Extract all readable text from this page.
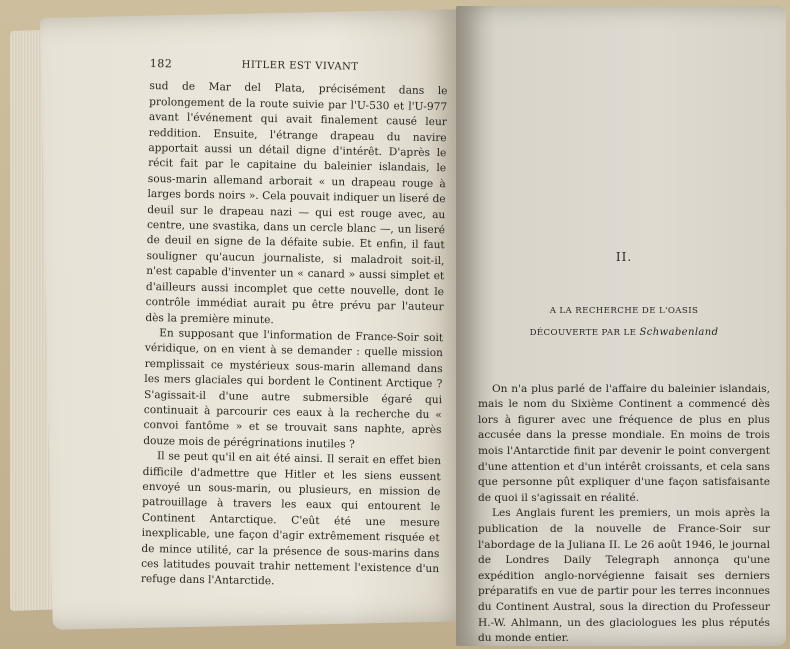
182	HITLER EST VIVANT

sud de Mar del Plata, précisément dans le prolongement de la route suivie par l'U-530 et l'U-977 avant l'événement qui avait finalement causé leur reddition. Ensuite, l'étrange drapeau du navire apportait aussi un détail digne d'intérêt. D'après le récit fait par le capitaine du baleinier islandais, le sous-marin allemand arborait « un drapeau rouge à larges bords noirs ». Cela pouvait indiquer un liseré de deuil sur le drapeau nazi — qui est rouge avec, au centre, une svastika, dans un cercle blanc —, un liseré de deuil en signe de la défaite subie. Et enfin, il faut souligner qu'aucun journaliste, si maladroit soit-il, n'est capable d'inventer un « canard » aussi simplet et d'ailleurs aussi incomplet que cette nouvelle, dont le contrôle immédiat aurait pu être prévu par l'auteur dès la première minute.

En supposant que l'information de France-Soir soit véridique, on en vient à se demander : quelle mission remplissait ce mystérieux sous-marin allemand dans les mers glaciales qui bordent le Continent Arctique ? S'agissait-il d'une autre submersible égaré qui continuait à parcourir ces eaux à la recherche du « convoi fantôme » et se trouvait sans naphte, après douze mois de pérégrinations inutiles ?

Il se peut qu'il en ait été ainsi. Il serait en effet bien difficile d'admettre que Hitler et les siens eussent envoyé un sous-marin, ou plusieurs, en mission de patrouillage à travers les eaux qui entourent le Continent Antarctique. C'eût été une mesure inexplicable, une façon d'agir extrêmement risquée et de mince utilité, car la présence de sous-marins dans ces latitudes pouvait trahir nettement l'existence d'un refuge dans l'Antarctide.

II.
A LA RECHERCHE DE L'OASIS
DÉCOUVERTE PAR LE Schwabenland

On n'a plus parlé de l'affaire du baleinier islandais, mais le nom du Sixième Continent a commencé dès lors à figurer avec une fréquence de plus en plus accusée dans la presse mondiale. En moins de trois mois l'Antarctide finit par devenir le point convergent d'une attention et d'un intérêt croissants, et cela sans que personne pût expliquer d'une façon satisfaisante de quoi il s'agissait en réalité.

Les Anglais furent les premiers, un mois après la publication de la nouvelle de France-Soir sur l'abordage de la Juliana II. Le 26 août 1946, le journal de Londres Daily Telegraph annonça qu'une expédition anglo-norvégienne faisait ses derniers préparatifs en vue de partir pour les terres inconnues du Continent Austral, sous la direction du Professeur H.-W. Ahlmann, un des glaciologues les plus réputés du monde entier.
